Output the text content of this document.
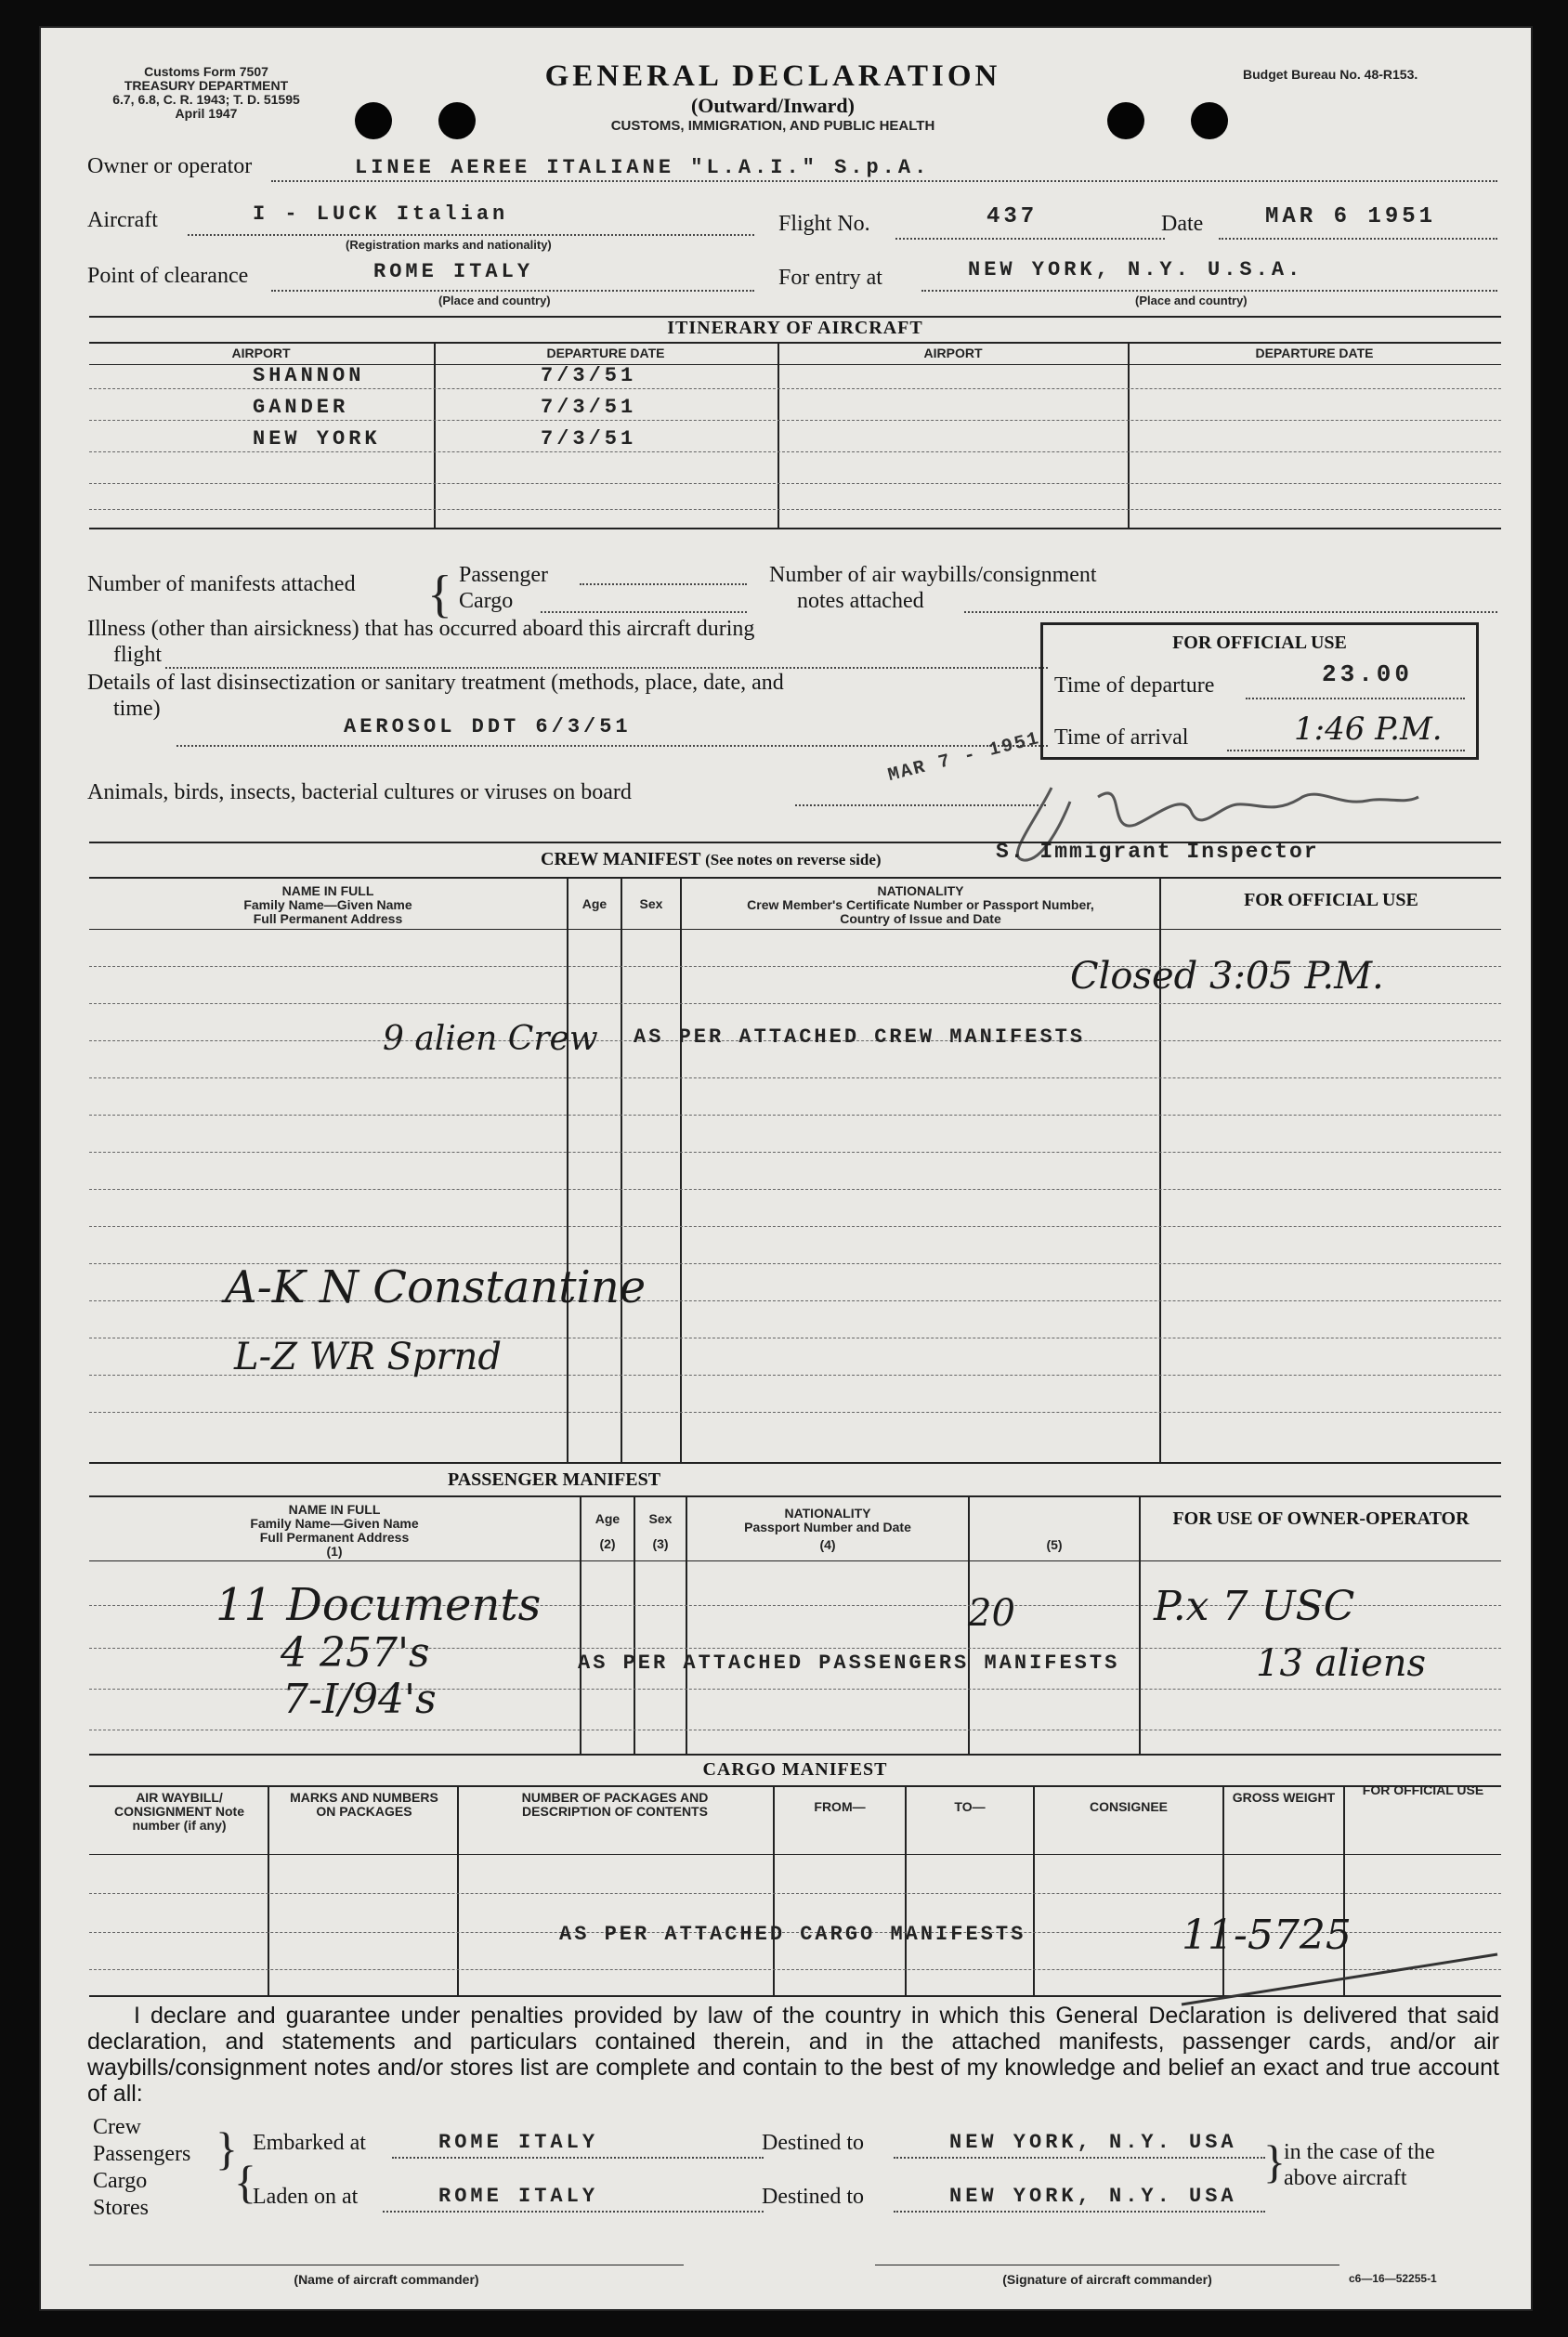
Customs Form 7507
TREASURY DEPARTMENT
6.7, 6.8, C. R. 1943; T. D. 51595
April 1947
GENERAL DECLARATION
(Outward/Inward)
CUSTOMS, IMMIGRATION, AND PUBLIC HEALTH
Budget Bureau No. 48-R153.
Owner or operator	LINEE AEREE ITALIANE "L.A.I." S.p.A.
Aircraft	I - LUCK Italian
(Registration marks and nationality)
Flight No.	437	Date	MAR 6 1951
Point of clearance	ROME ITALY
(Place and country)
For entry at	NEW YORK, N.Y. U.S.A.
(Place and country)
ITINERARY OF AIRCRAFT
AIRPORT	DEPARTURE DATE	AIRPORT	DEPARTURE DATE
SHANNON	7/3/51
GANDER	7/3/51
NEW YORK	7/3/51
Number of manifests attached { Passenger
Cargo
Number of air waybills/consignment
notes attached
Illness (other than airsickness) that has occurred aboard this aircraft during
flight
Details of last disinsectization or sanitary treatment (methods, place, date, and
time)
AEROSOL DDT 6/3/51
Animals, birds, insects, bacterial cultures or viruses on board
FOR OFFICIAL USE
Time of departure	23.00
Time of arrival	1:46 P.M.
MAR 7 - 1951
S. Immigrant Inspector
CREW MANIFEST (See notes on reverse side)
NAME IN FULL
Family Name—Given Name
Full Permanent Address
Age	Sex
NATIONALITY
Crew Member's Certificate Number or Passport Number,
Country of Issue and Date
FOR OFFICIAL USE
Closed 3:05 P.M.
9 alien Crew AS PER ATTACHED CREW MANIFESTS
A-K N Constantine
L-Z WR Sprnd
PASSENGER MANIFEST
NAME IN FULL
Family Name—Given Name
Full Permanent Address
(1)
Age
(2)
Sex
(3)
NATIONALITY
Passport Number and Date
(4)	(5)
FOR USE OF OWNER-OPERATOR
11 Documents
4 257's
7-I/94's
20	P.x 7 USC
13 aliens
AS PER ATTACHED PASSENGERS MANIFESTS
CARGO MANIFEST
AIR WAYBILL/ CONSIGNMENT Note number (if any)
MARKS AND NUMBERS ON PACKAGES
NUMBER OF PACKAGES AND DESCRIPTION OF CONTENTS	FROM—	TO—	CONSIGNEE
GROSS WEIGHT	FOR OFFICIAL USE
AS PER ATTACHED CARGO MANIFESTS	11-5725
I declare and guarantee under penalties provided by law of the country in which this General Declaration is delivered that said declaration, and statements and particulars contained therein, and in the attached manifests, passenger cards, and/or air waybills/consignment notes and/or stores list are complete and contain to the best of my knowledge and belief an exact and true account of all:
Crew
Passengers
Cargo
Stores
}
{
Embarked at	ROME ITALY
Laden on at	ROME ITALY
Destined to	NEW YORK, N.Y. USA
Destined to	NEW YORK, N.Y. USA
}
in the case of the
above aircraft
(Name of aircraft commander)	(Signature of aircraft commander)	c6—16—52255-1
